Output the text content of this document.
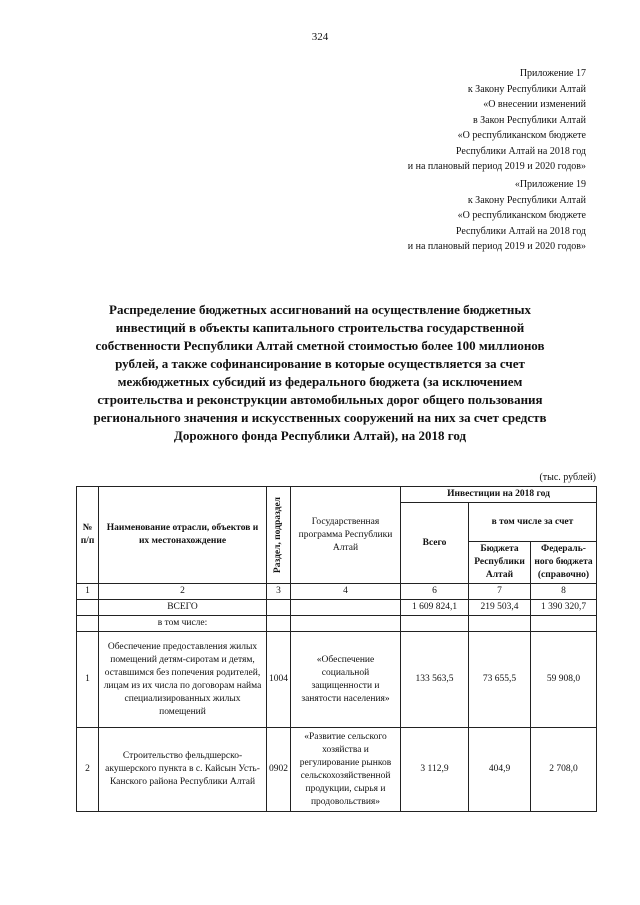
324
Приложение 17
к Закону Республики Алтай
«О внесении изменений
в Закон Республики Алтай
«О республиканском бюджете
Республики Алтай на 2018 год
и на плановый период 2019 и 2020 годов»
«Приложение 19
к Закону Республики Алтай
«О республиканском бюджете
Республики Алтай на 2018 год
и на плановый период 2019 и 2020 годов»
Распределение бюджетных ассигнований на осуществление бюджетных
инвестиций в объекты капитального строительства государственной
собственности Республики Алтай сметной стоимостью более 100 миллионов
рублей, а также софинансирование в которые осуществляется за счет
межбюджетных субсидий из федерального бюджета (за исключением
строительства и реконструкции автомобильных дорог общего пользования
регионального значения и искусственных сооружений на них за счет средств
Дорожного фонда Республики Алтай), на 2018 год
(тыс. рублей)
№ п/п	Наименование отрасли, объектов и их местонахождение	Раздел, подраздел	Государственная программа Республики Алтай	Инвестиции на 2018 год		
				Всего	в том числе за счет	
					Бюджета Республики Алтай	Федераль-ного бюджета (справочно)
1	2	3	4	6	7	8
	ВСЕГО			1 609 824,1	219 503,4	1 390 320,7
	в том числе:					
1	Обеспечение предоставления жилых помещений детям-сиротам и детям, оставшимся без попечения родителей, лицам из их числа по договорам найма специализированных жилых помещений	1004	«Обеспечение социальной защищенности и занятости населения»	133 563,5	73 655,5	59 908,0
2	Строительство фельдшерско-акушерского пункта в с. Кайсын Усть-Канского района Республики Алтай	0902	«Развитие сельского хозяйства и регулирование рынков сельскохозяйственной продукции, сырья и продовольствия»	3 112,9	404,9	2 708,0
